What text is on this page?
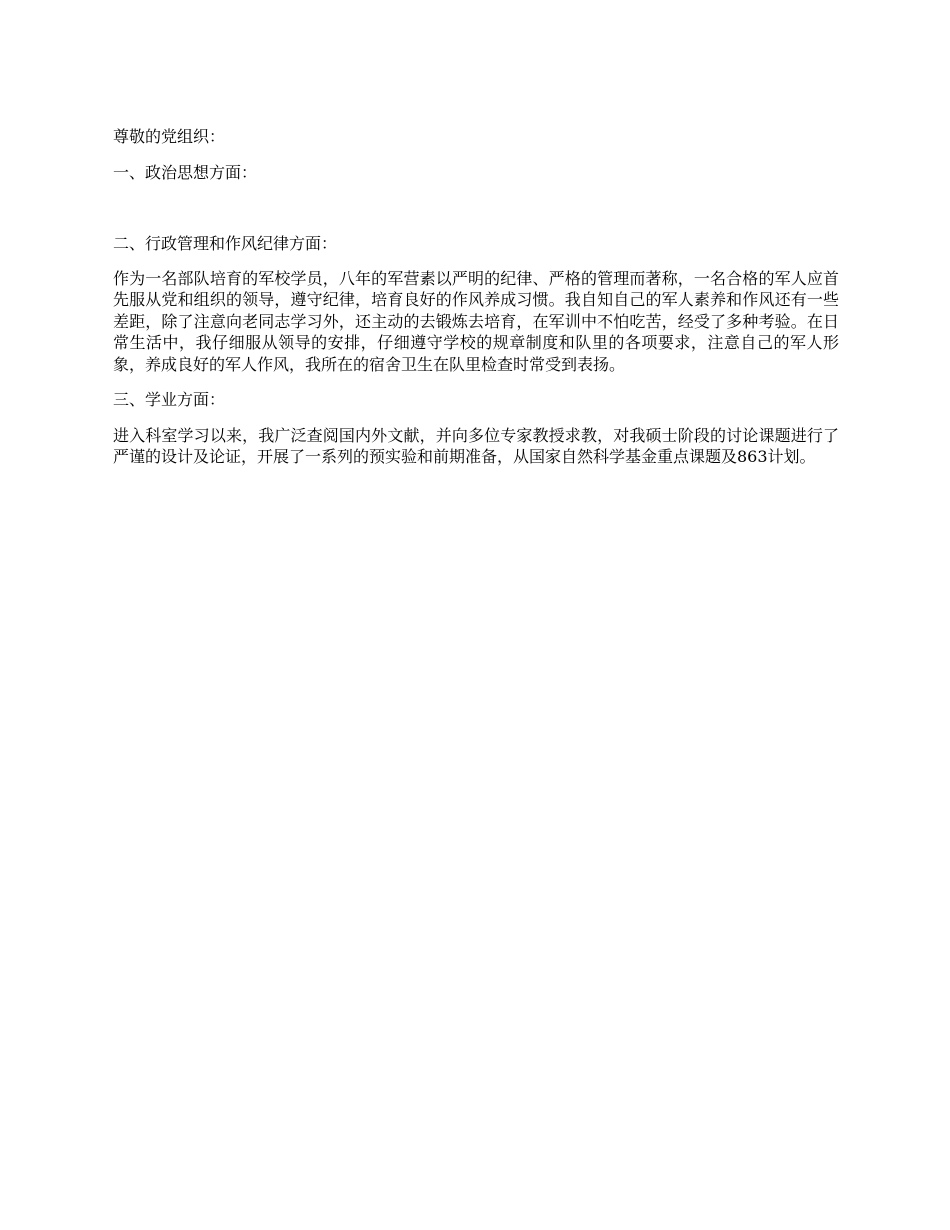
尊敬的党组织：

一、政治思想方面：

二、行政管理和作风纪律方面：

作为一名部队培育的军校学员，八年的军营素以严明的纪律、严格的管理而著称，一名合格的军人应首先服从党和组织的领导，遵守纪律，培育良好的作风养成习惯。我自知自己的军人素养和作风还有一些差距，除了注意向老同志学习外，还主动的去锻炼去培育，在军训中不怕吃苦，经受了多种考验。在日常生活中，我仔细服从领导的安排，仔细遵守学校的规章制度和队里的各项要求，注意自己的军人形象，养成良好的军人作风，我所在的宿舍卫生在队里检查时常受到表扬。

三、学业方面：

进入科室学习以来，我广泛查阅国内外文献，并向多位专家教授求教，对我硕士阶段的讨论课题进行了严谨的设计及论证，开展了一系列的预实验和前期准备，从国家自然科学基金重点课题及863计划。
